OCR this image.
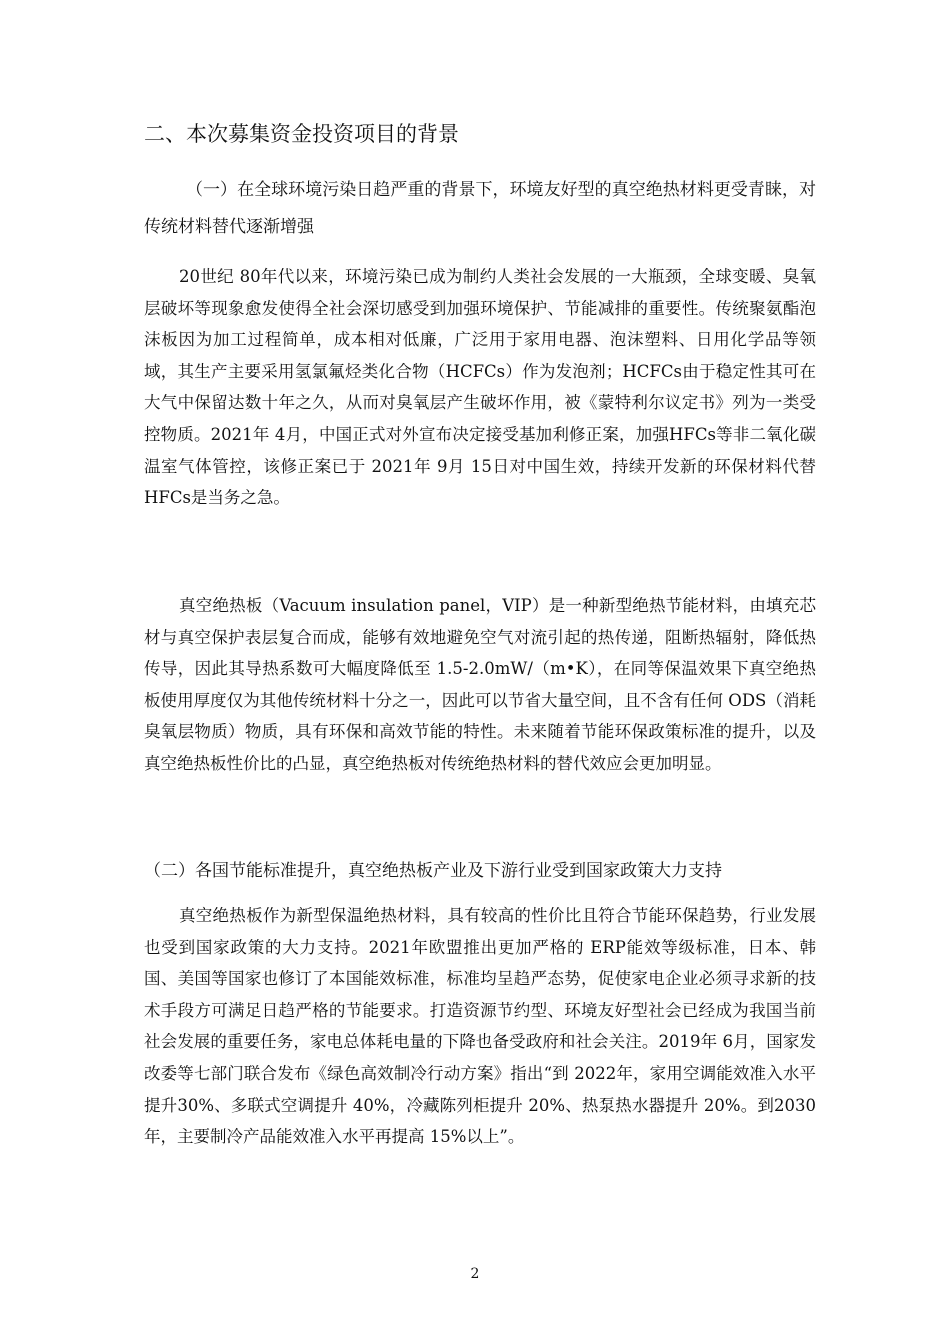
二、本次募集资金投资项目的背景
（一）在全球环境污染日趋严重的背景下，环境友好型的真空绝热材料更受青睐，对传统材料替代逐渐增强

20世纪 80年代以来，环境污染已成为制约人类社会发展的一大瓶颈，全球变暖、臭氧层破坏等现象愈发使得全社会深切感受到加强环境保护、节能减排的重要性。传统聚氨酯泡沫板因为加工过程简单，成本相对低廉，广泛用于家用电器、泡沫塑料、日用化学品等领域，其生产主要采用氢氯氟烃类化合物（HCFCs）作为发泡剂；HCFCs由于稳定性其可在大气中保留达数十年之久，从而对臭氧层产生破坏作用，被《蒙特利尔议定书》列为一类受控物质。2021年 4月，中国正式对外宣布决定接受基加利修正案，加强HFCs等非二氧化碳温室气体管控，该修正案已于 2021年 9月 15日对中国生效，持续开发新的环保材料代替 HFCs是当务之急。

真空绝热板（Vacuum insulation panel，VIP）是一种新型绝热节能材料，由填充芯材与真空保护表层复合而成，能够有效地避免空气对流引起的热传递，阻断热辐射，降低热传导，因此其导热系数可大幅度降低至 1.5-2.0mW/（m•K），在同等保温效果下真空绝热板使用厚度仅为其他传统材料十分之一，因此可以节省大量空间，且不含有任何 ODS（消耗臭氧层物质）物质，具有环保和高效节能的特性。未来随着节能环保政策标准的提升，以及真空绝热板性价比的凸显，真空绝热板对传统绝热材料的替代效应会更加明显。

（二）各国节能标准提升，真空绝热板产业及下游行业受到国家政策大力支持

真空绝热板作为新型保温绝热材料，具有较高的性价比且符合节能环保趋势，行业发展也受到国家政策的大力支持。2021年欧盟推出更加严格的 ERP能效等级标准，日本、韩国、美国等国家也修订了本国能效标准，标准均呈趋严态势，促使家电企业必须寻求新的技术手段方可满足日趋严格的节能要求。打造资源节约型、环境友好型社会已经成为我国当前社会发展的重要任务，家电总体耗电量的下降也备受政府和社会关注。2019年 6月，国家发改委等七部门联合发布《绿色高效制冷行动方案》指出“到 2022年，家用空调能效准入水平提升30%、多联式空调提升 40%，冷藏陈列柜提升 20%、热泵热水器提升 20%。到2030年，主要制冷产品能效准入水平再提高 15%以上”。

2
